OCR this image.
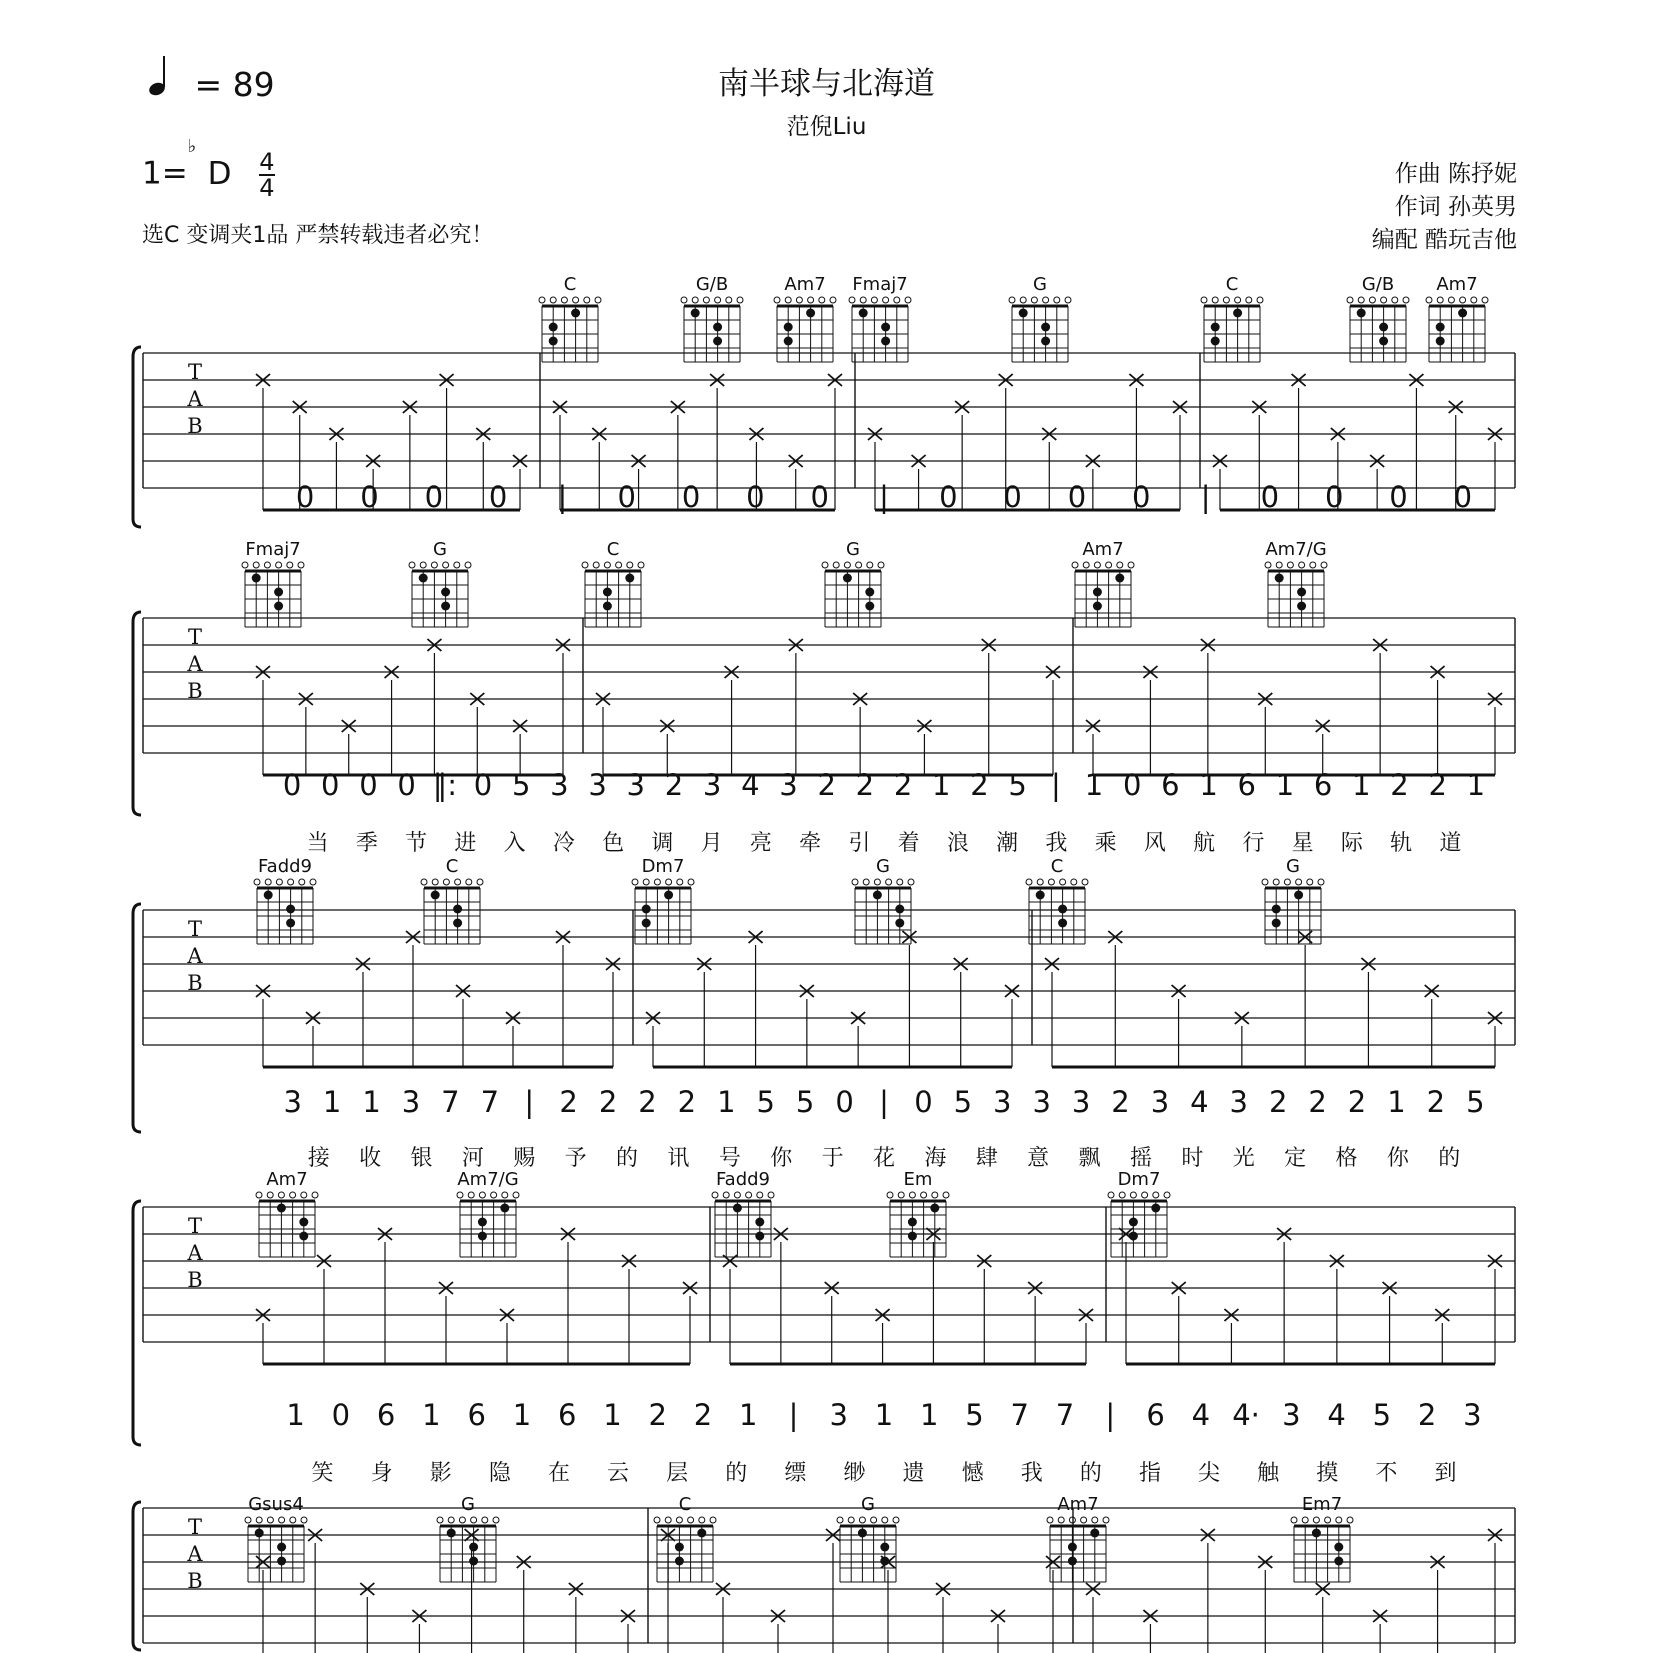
南半球与北海道
范倪Liu
= 89
1=
♭
D $\frac{4}{4}$
选C 变调夹1品 严禁转载违者必究！
作曲 陈抒妮
作词 孙英男
编配 酷玩吉他
T
A
B
C	G/B	Am7 Fmaj7	G	C	G/B Am7
0 0 0 0 | 0 0 0 0 | 0 0 0 0 | 0 0 0 0
T
A
B
Fmaj7	G	C	G	Am7	Am7/G
0 0 0 0 ‖: 0 5 3 3 3 2 3 4 3 2 2 2 1 2 5 | 1 0 6 1 6 1 6 1 2 2 1
当 季 节 进 入 冷 色 调 月 亮 牵 引 着 浪 潮 我 乘 风 航 行 星 际 轨 道
T
A
B
Fadd9	C	Dm7	G	C	G
3 1 1 3 7 7 | 2 2 2 2 1 5 5 0 | 0 5 3 3 3 2 3 4 3 2 2 2 1 2 5
接 收 银 河 赐 予 的 讯 号 你 于 花 海 肆 意 飘 摇 时 光 定 格 你 的
T
A
B
Am7	Am7/G	Fadd9	Em	Dm7
1 0 6 1 6 1 6 1 2 2 1 | 3 1 1 5 7 7 | 6 4 4· 3 4 5 2 3
笑 身 影 隐 在 云 层 的 缥 缈 遗 憾 我 的 指 尖 触 摸 不 到
T
A
B
Gsus4	G	C	G	Am7	Em7
